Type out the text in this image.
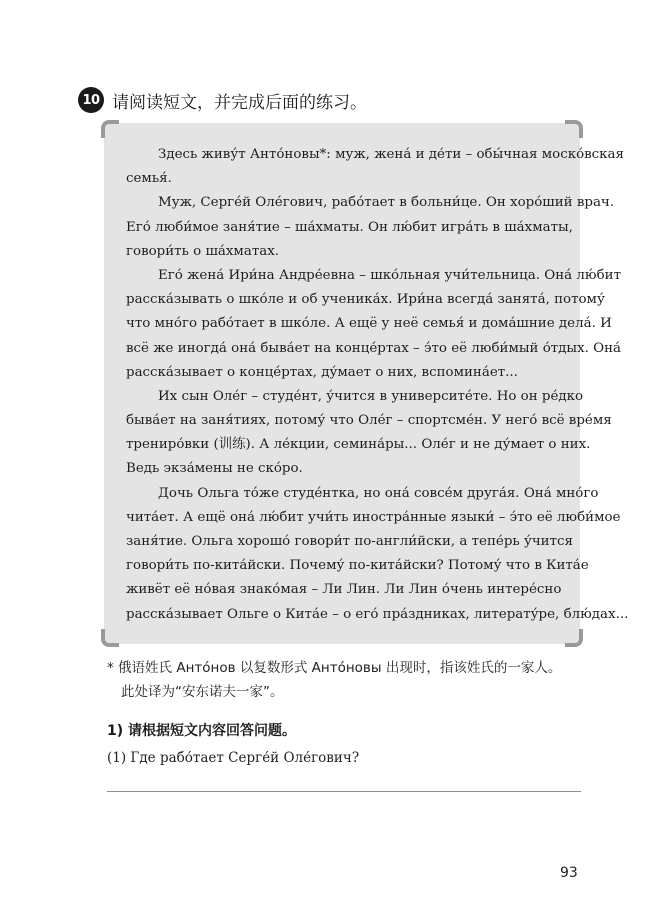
10 请阅读短文，并完成后面的练习。
Здесь живу́т Анто́новы*: муж, жена́ и де́ти – обы́чная моско́вская
семья́.
Муж, Серге́й Оле́гович, рабо́тает в больни́це. Он хоро́ший врач.
Его́ люби́мое заня́тие – ша́хматы. Он лю́бит игра́ть в ша́хматы,
говори́ть о ша́хматах.
Его́ жена́ Ири́на Андре́евна – шко́льная учи́тельница. Она́ лю́бит
расска́зывать о шко́ле и об ученика́х. Ири́на всегда́ занята́, потому́
что мно́го рабо́тает в шко́ле. А ещё у неё семья́ и дома́шние дела́. И
всё же иногда́ она́ быва́ет на конце́ртах – э́то её люби́мый о́тдых. Она́
расска́зывает о конце́ртах, ду́мает о них, вспомина́ет...
Их сын Оле́г – студе́нт, у́чится в университе́те. Но он ре́дко
быва́ет на заня́тиях, потому́ что Оле́г – спортсме́н. У него́ всё вре́мя
трениро́вки (训练). А ле́кции, семина́ры... Оле́г и не ду́мает о них.
Ведь экза́мены не ско́ро.
Дочь Ольга то́же студе́нтка, но она́ совсе́м друга́я. Она́ мно́го
чита́ет. А ещё она́ лю́бит учи́ть иностра́нные языки́ – э́то её люби́мое
заня́тие. Ольга хорошо́ говори́т по-англи́йски, а тепе́рь у́чится
говори́ть по-кита́йски. Почему́ по-кита́йски? Потому́ что в Кита́е
живёт её но́вая знако́мая – Ли Лин. Ли Лин о́чень интере́сно
расска́зывает Ольге о Кита́е – о его́ пра́здниках, литерату́ре, блю́дах...
* 俄语姓氏 Анто́нов 以复数形式 Анто́новы 出现时，指该姓氏的一家人。
此处译为“安东诺夫一家”。
1) 请根据短文内容回答问题。
(1) Где рабо́тает Серге́й Оле́гович?
93
